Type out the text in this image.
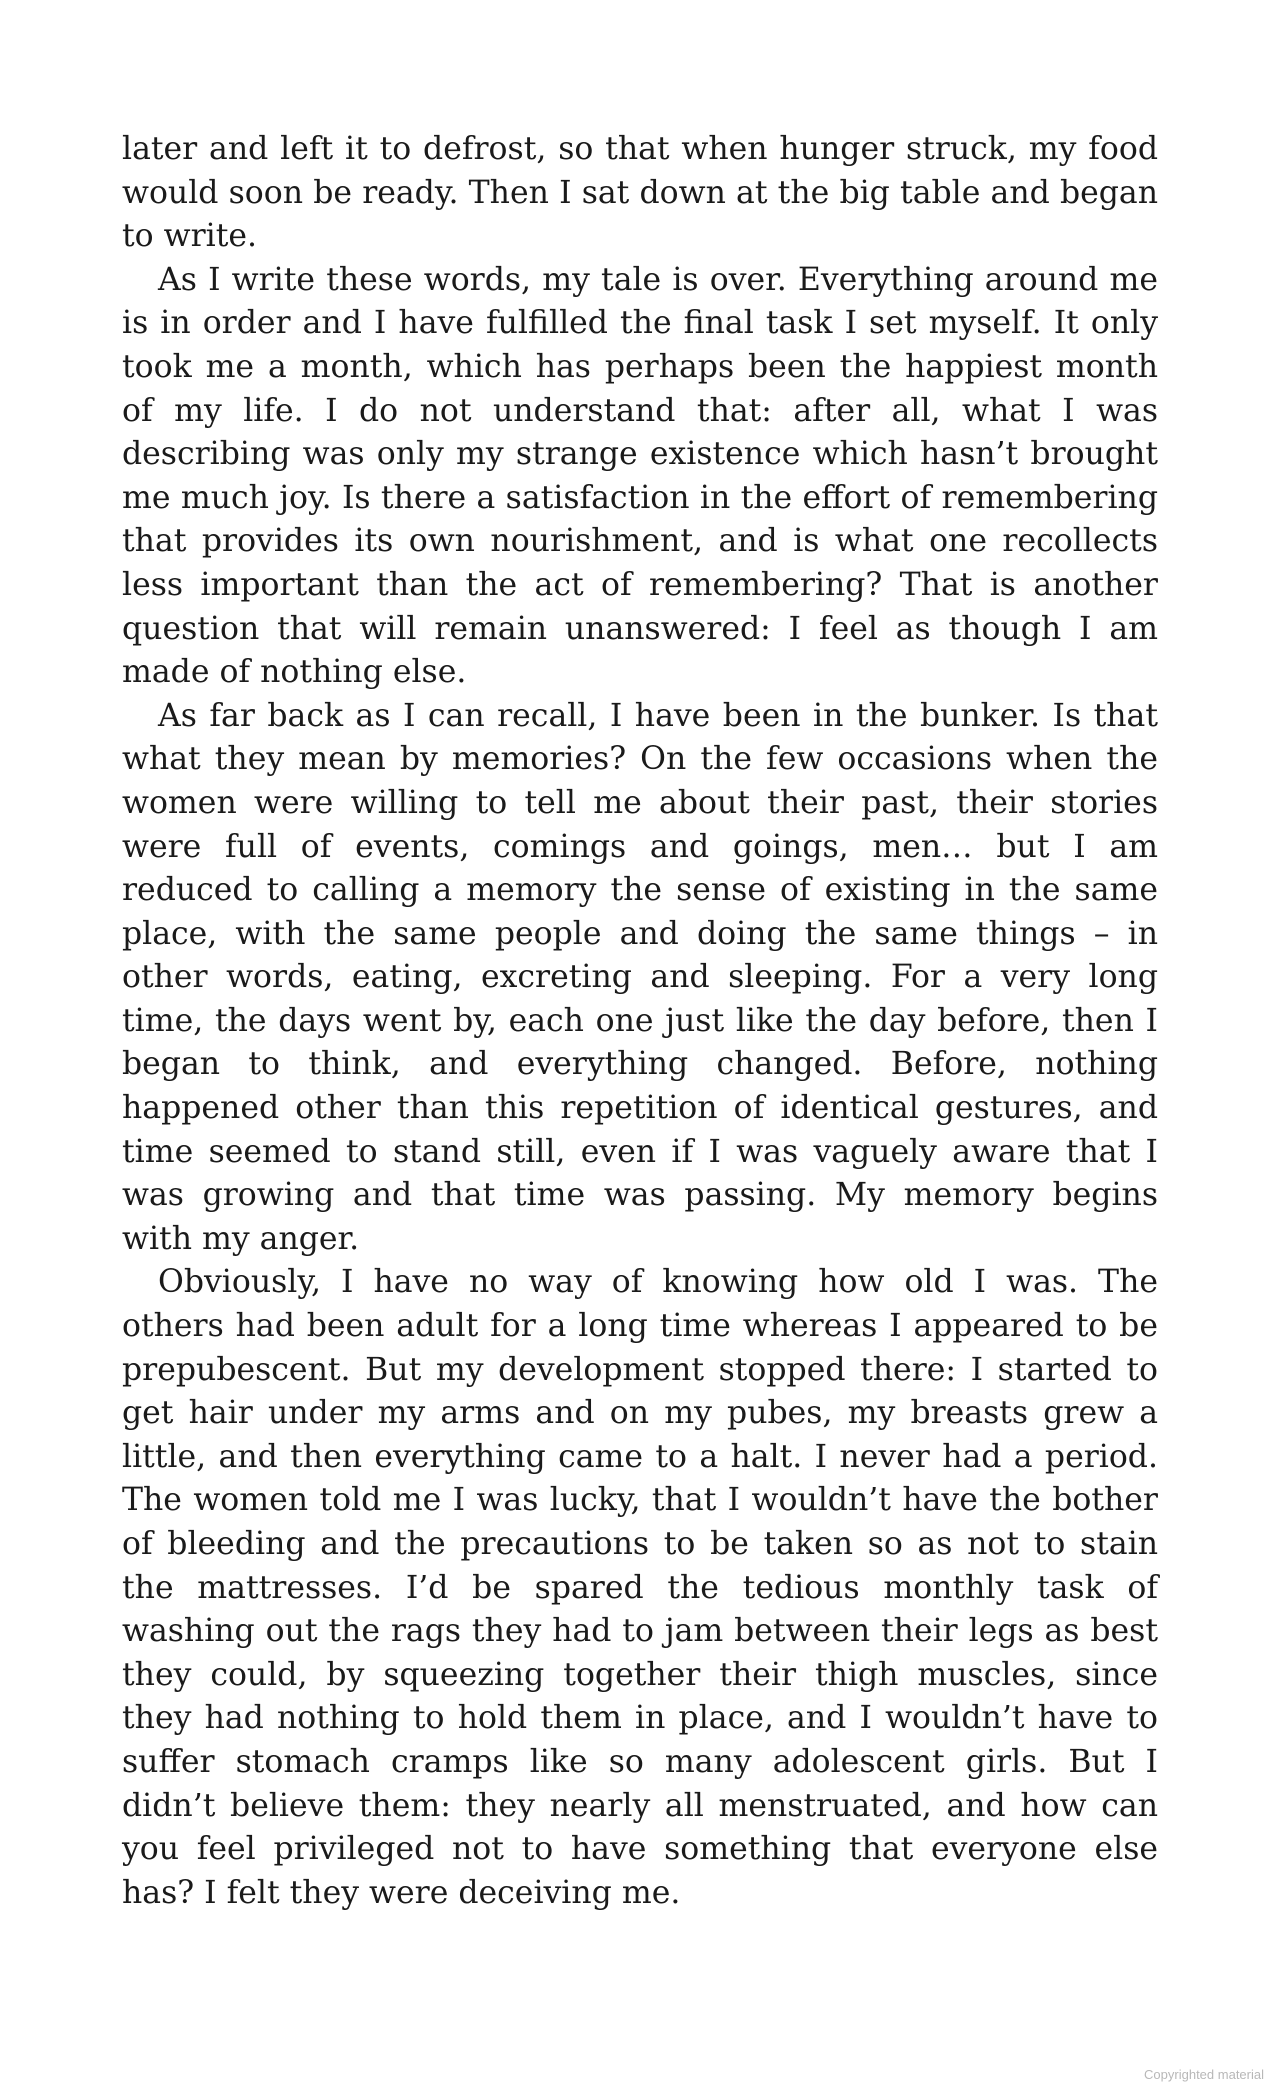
later and left it to defrost, so that when hunger struck, my food would soon be ready. Then I sat down at the big table and began to write.

As I write these words, my tale is over. Everything around me is in order and I have fulfilled the final task I set myself. It only took me a month, which has perhaps been the happiest month of my life. I do not understand that: after all, what I was describing was only my strange existence which hasn’t brought me much joy. Is there a satisfaction in the effort of remembering that provides its own nourishment, and is what one recollects less important than the act of remembering? That is another question that will remain unanswered: I feel as though I am made of nothing else.

As far back as I can recall, I have been in the bunker. Is that what they mean by memories? On the few occasions when the women were willing to tell me about their past, their stories were full of events, comings and goings, men… but I am reduced to calling a memory the sense of existing in the same place, with the same people and doing the same things – in other words, eating, excreting and sleeping. For a very long time, the days went by, each one just like the day before, then I began to think, and everything changed. Before, nothing happened other than this repetition of identical gestures, and time seemed to stand still, even if I was vaguely aware that I was growing and that time was passing. My memory begins with my anger.

Obviously, I have no way of knowing how old I was. The others had been adult for a long time whereas I appeared to be prepubescent. But my development stopped there: I started to get hair under my arms and on my pubes, my breasts grew a little, and then everything came to a halt. I never had a period. The women told me I was lucky, that I wouldn’t have the bother of bleeding and the precautions to be taken so as not to stain the mattresses. I’d be spared the tedious monthly task of washing out the rags they had to jam between their legs as best they could, by squeezing together their thigh muscles, since they had nothing to hold them in place, and I wouldn’t have to suffer stomach cramps like so many adolescent girls. But I didn’t believe them: they nearly all menstruated, and how can you feel privileged not to have something that everyone else has? I felt they were deceiving me.

Copyrighted material
